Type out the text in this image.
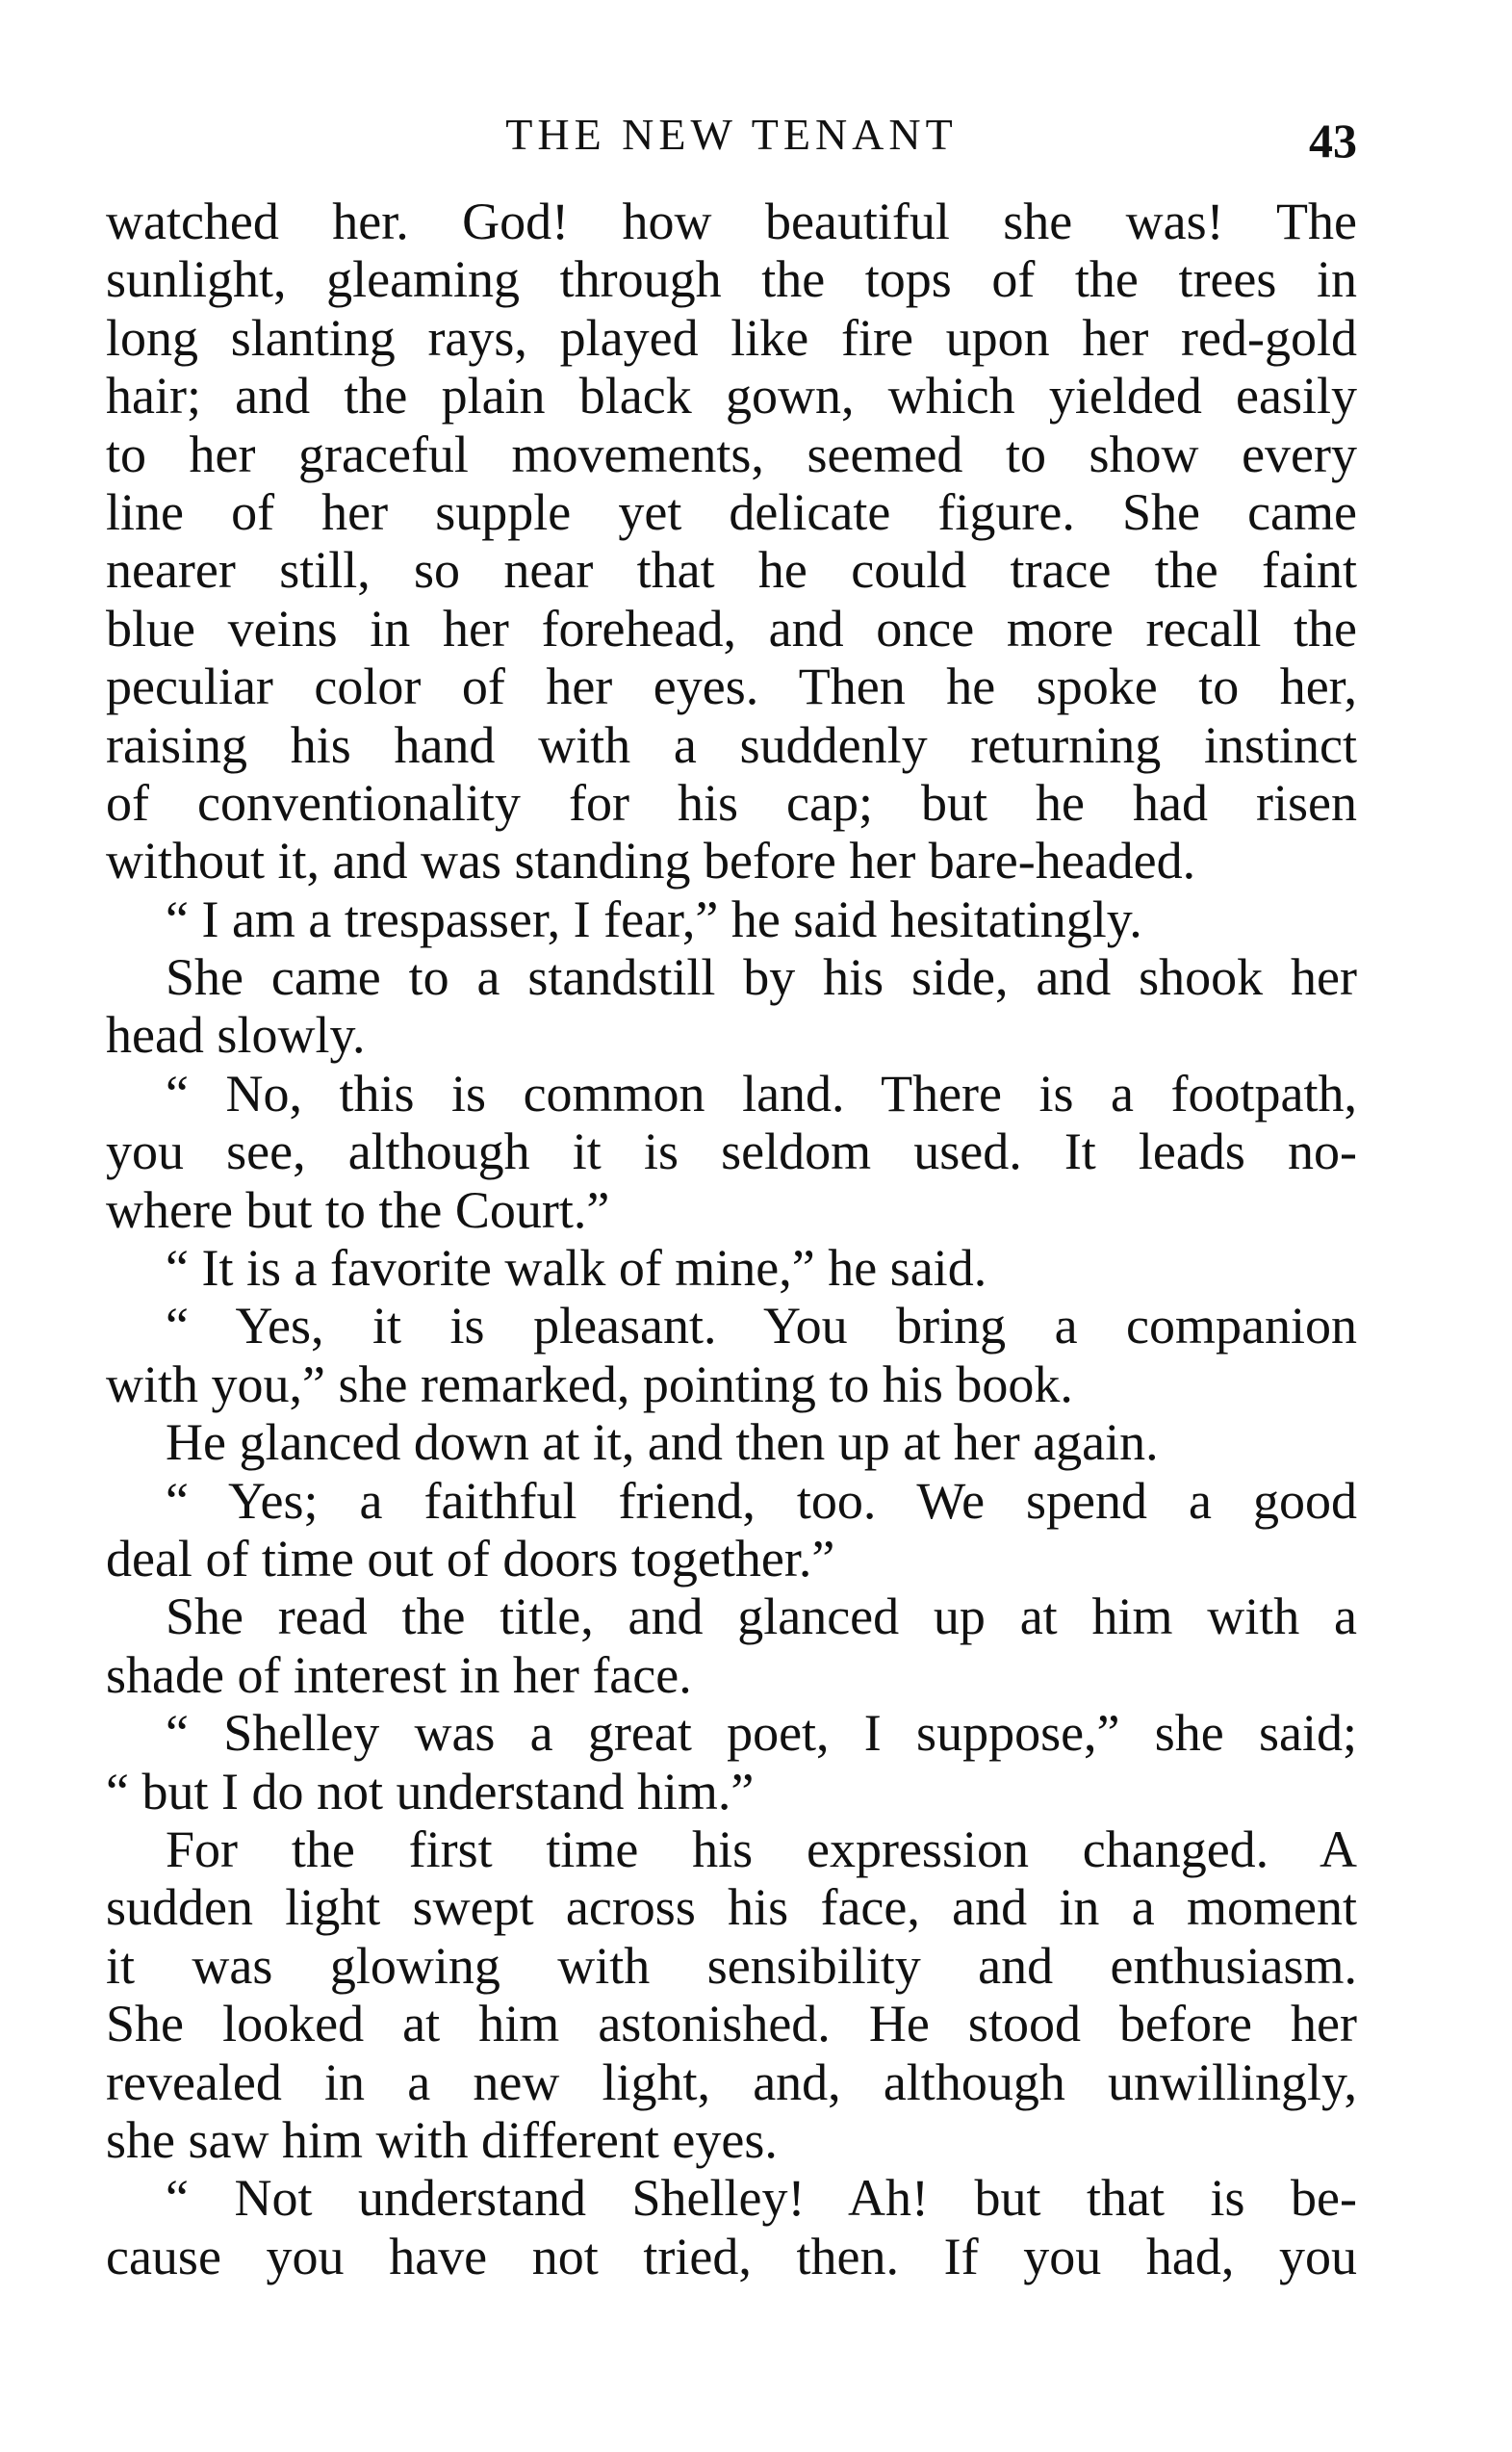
THE NEW TENANT	43
watched her. God! how beautiful she was! The
sunlight, gleaming through the tops of the trees in
long slanting rays, played like fire upon her red-gold
hair; and the plain black gown, which yielded easily
to her graceful movements, seemed to show every
line of her supple yet delicate figure. She came
nearer still, so near that he could trace the faint
blue veins in her forehead, and once more recall the
peculiar color of her eyes. Then he spoke to her,
raising his hand with a suddenly returning instinct
of conventionality for his cap; but he had risen
without it, and was standing before her bare-headed.
“ I am a trespasser, I fear,” he said hesitatingly.
She came to a standstill by his side, and shook her
head slowly.
“ No, this is common land. There is a footpath,
you see, although it is seldom used. It leads no-
where but to the Court.”
“ It is a favorite walk of mine,” he said.
“ Yes, it is pleasant. You bring a companion
with you,” she remarked, pointing to his book.
He glanced down at it, and then up at her again.
“ Yes; a faithful friend, too. We spend a good
deal of time out of doors together.”
She read the title, and glanced up at him with a
shade of interest in her face.
“ Shelley was a great poet, I suppose,” she said;
“ but I do not understand him.”
For the first time his expression changed. A
sudden light swept across his face, and in a moment
it was glowing with sensibility and enthusiasm.
She looked at him astonished. He stood before her
revealed in a new light, and, although unwillingly,
she saw him with different eyes.
“ Not understand Shelley! Ah! but that is be-
cause you have not tried, then. If you had, you
